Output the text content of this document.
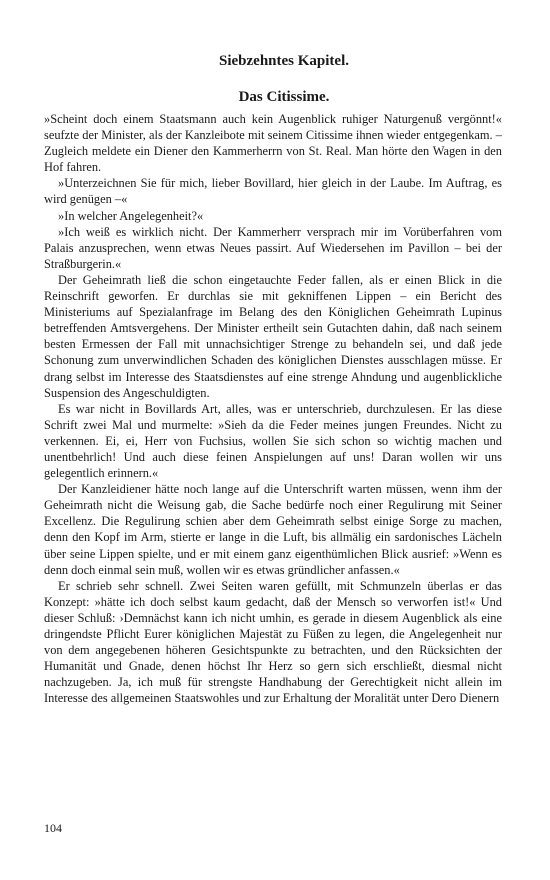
Siebzehntes Kapitel.
Das Citissime.

»Scheint doch einem Staatsmann auch kein Augenblick ruhiger Naturgenuß vergönnt!« seufzte der Minister, als der Kanzleibote mit seinem Citissime ihnen wieder entgegenkam. – Zugleich meldete ein Diener den Kammerherrn von St. Real. Man hörte den Wagen in den Hof fahren.

»Unterzeichnen Sie für mich, lieber Bovillard, hier gleich in der Laube. Im Auftrag, es wird genügen –«

»In welcher Angelegenheit?«

»Ich weiß es wirklich nicht. Der Kammerherr versprach mir im Vorüberfahren vom Palais anzusprechen, wenn etwas Neues passirt. Auf Wiedersehen im Pavillon – bei der Straßburgerin.«

Der Geheimrath ließ die schon eingetauchte Feder fallen, als er einen Blick in die Reinschrift geworfen. Er durchlas sie mit gekniffenen Lippen – ein Bericht des Ministeriums auf Spezialanfrage im Belang des den Königlichen Geheimrath Lupinus betreffenden Amtsvergehens. Der Minister ertheilt sein Gutachten dahin, daß nach seinem besten Ermessen der Fall mit unnachsichtiger Strenge zu behandeln sei, und daß jede Schonung zum unverwindlichen Schaden des königlichen Dienstes ausschlagen müsse. Er drang selbst im Interesse des Staatsdienstes auf eine strenge Ahndung und augenblickliche Suspension des Angeschuldigten.

Es war nicht in Bovillards Art, alles, was er unterschrieb, durchzulesen. Er las diese Schrift zwei Mal und murmelte: »Sieh da die Feder meines jungen Freundes. Nicht zu verkennen. Ei, ei, Herr von Fuchsius, wollen Sie sich schon so wichtig machen und unentbehrlich! Und auch diese feinen Anspielungen auf uns! Daran wollen wir uns gelegentlich erinnern.«

Der Kanzleidiener hätte noch lange auf die Unterschrift warten müssen, wenn ihm der Geheimrath nicht die Weisung gab, die Sache bedürfe noch einer Regulirung mit Seiner Excellenz. Die Regulirung schien aber dem Geheimrath selbst einige Sorge zu machen, denn den Kopf im Arm, stierte er lange in die Luft, bis allmälig ein sardonisches Lächeln über seine Lippen spielte, und er mit einem ganz eigenthümlichen Blick ausrief: »Wenn es denn doch einmal sein muß, wollen wir es etwas gründlicher anfassen.«

Er schrieb sehr schnell. Zwei Seiten waren gefüllt, mit Schmunzeln überlas er das Konzept: »hätte ich doch selbst kaum gedacht, daß der Mensch so verworfen ist!« Und dieser Schluß: ›Demnächst kann ich nicht umhin, es gerade in diesem Augenblick als eine dringendste Pflicht Eurer königlichen Majestät zu Füßen zu legen, die Angelegenheit nur von dem angegebenen höheren Gesichtspunkte zu betrachten, und den Rücksichten der Humanität und Gnade, denen höchst Ihr Herz so gern sich erschließt, diesmal nicht nachzugeben. Ja, ich muß für strengste Handhabung der Gerechtigkeit nicht allein im Interesse des allgemeinen Staatswohles und zur Erhaltung der Moralität unter Dero Dienern

104
